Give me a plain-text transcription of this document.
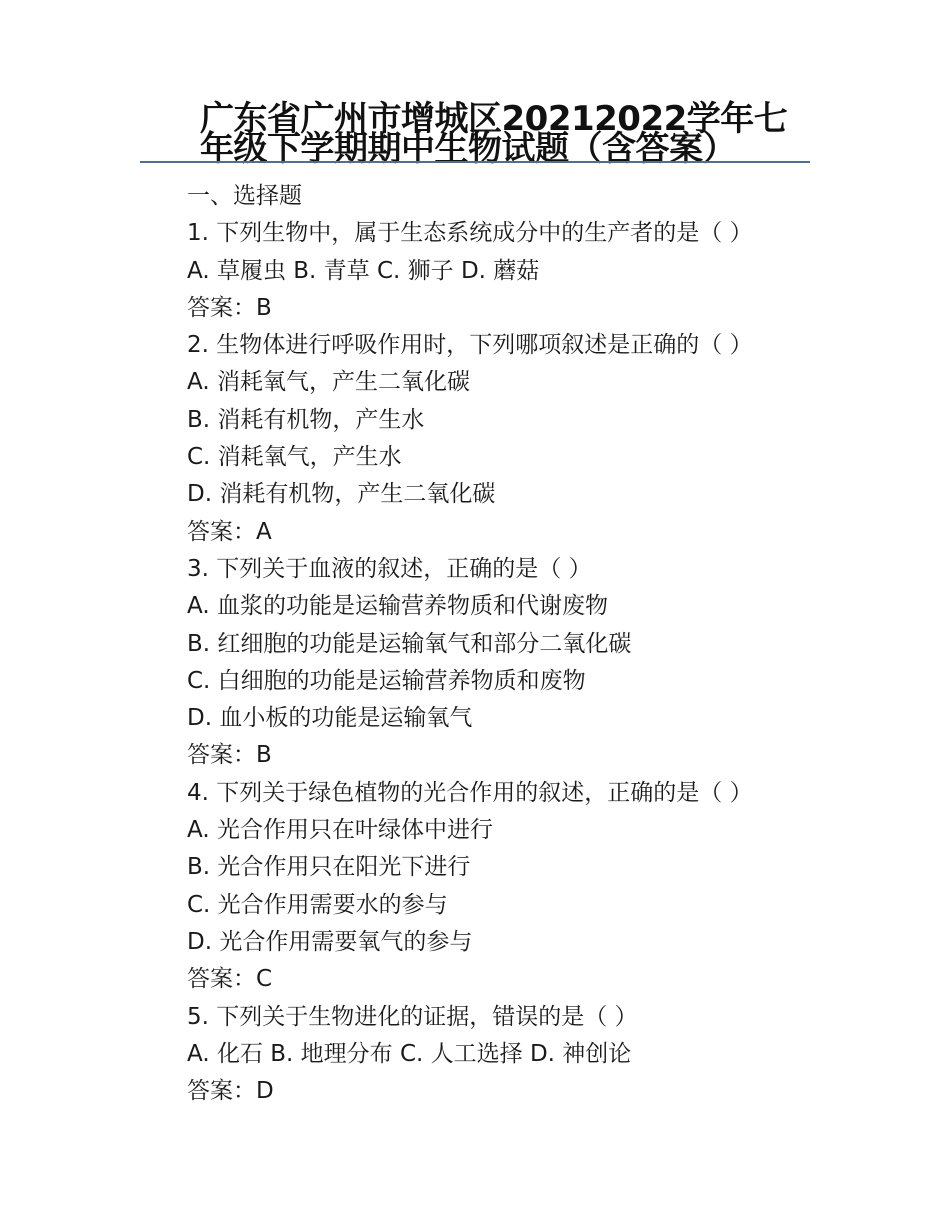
广东省广州市增城区20212022学年七年级下学期期中生物试题（含答案）
一、选择题
1. 下列生物中，属于生态系统成分中的生产者的是（ ）
A. 草履虫 B. 青草 C. 狮子 D. 蘑菇
答案：B
2. 生物体进行呼吸作用时，下列哪项叙述是正确的（ ）
A. 消耗氧气，产生二氧化碳
B. 消耗有机物，产生水
C. 消耗氧气，产生水
D. 消耗有机物，产生二氧化碳
答案：A
3. 下列关于血液的叙述，正确的是（ ）
A. 血浆的功能是运输营养物质和代谢废物
B. 红细胞的功能是运输氧气和部分二氧化碳
C. 白细胞的功能是运输营养物质和废物
D. 血小板的功能是运输氧气
答案：B
4. 下列关于绿色植物的光合作用的叙述，正确的是（ ）
A. 光合作用只在叶绿体中进行
B. 光合作用只在阳光下进行
C. 光合作用需要水的参与
D. 光合作用需要氧气的参与
答案：C
5. 下列关于生物进化的证据，错误的是（ ）
A. 化石 B. 地理分布 C. 人工选择 D. 神创论
答案：D
